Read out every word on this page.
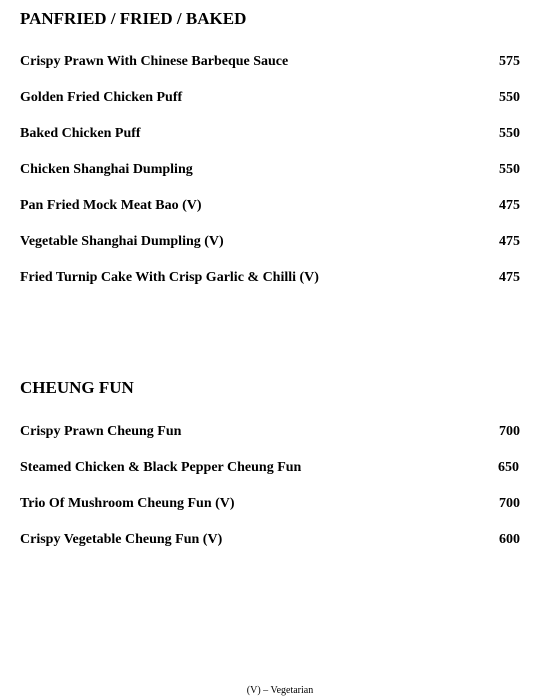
PANFRIED / FRIED / BAKED
Crispy Prawn With Chinese Barbeque Sauce	575
Golden Fried Chicken Puff	550
Baked Chicken Puff	550
Chicken Shanghai Dumpling	550
Pan Fried Mock Meat Bao (V)	475
Vegetable Shanghai Dumpling (V)	475
Fried Turnip Cake With Crisp Garlic & Chilli (V)	475
CHEUNG FUN
Crispy Prawn Cheung Fun	700
Steamed Chicken & Black Pepper Cheung Fun	650
Trio Of Mushroom Cheung Fun (V)	700
Crispy Vegetable Cheung Fun (V)	600
(V) – Vegetarian
